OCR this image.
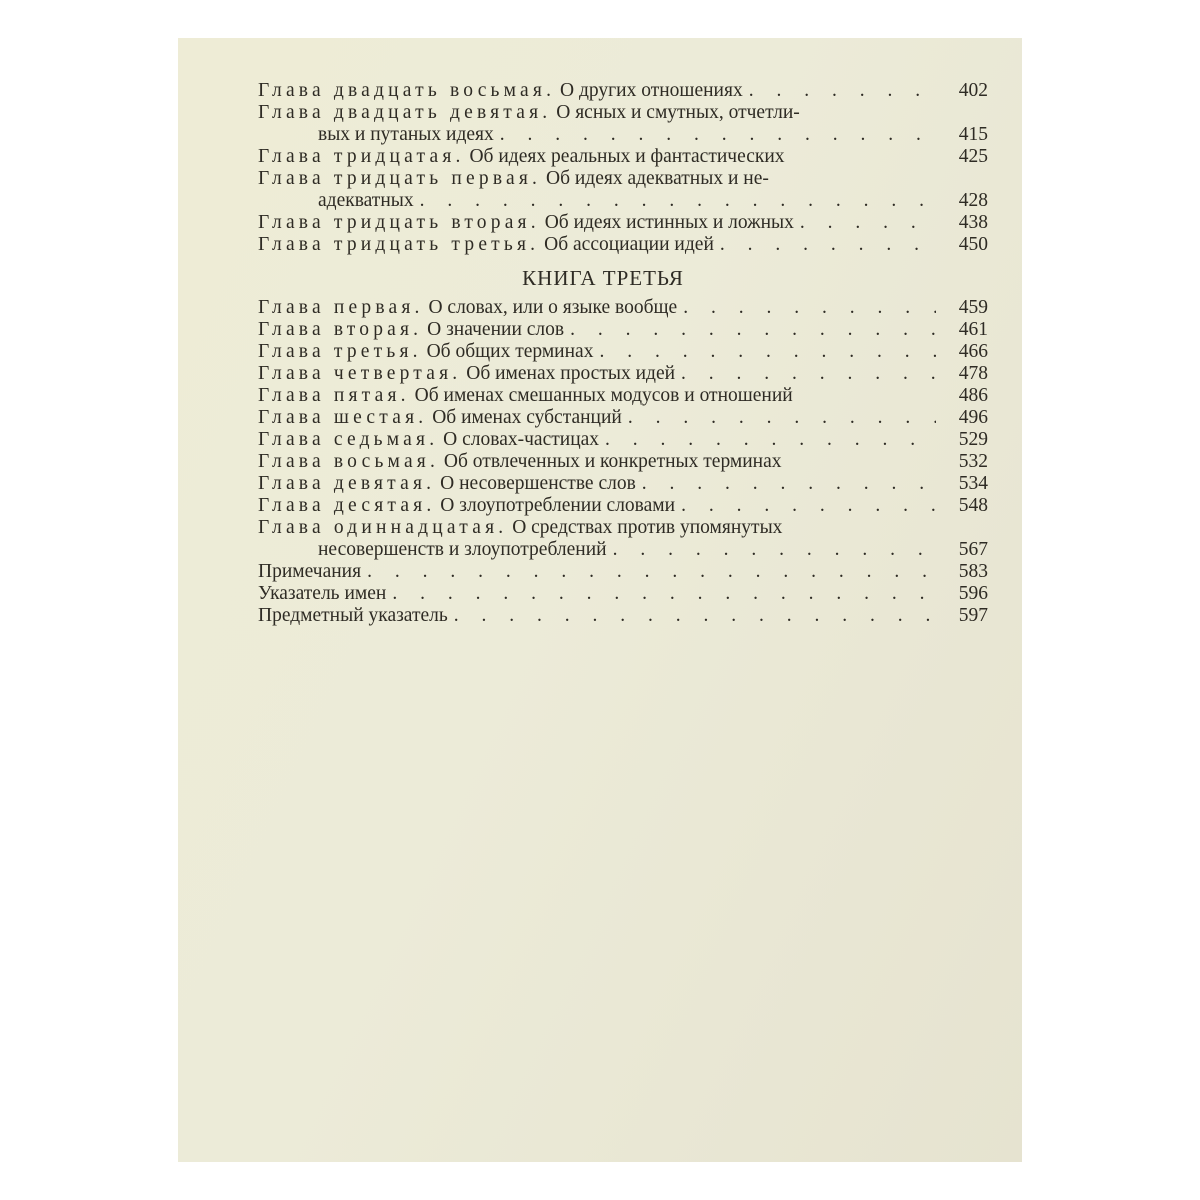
Глава двадцать восьмая. О других отношениях . . .	402
Глава двадцать девятая. О ясных и смутных, отчетли-
вых и путаных идеях . . .	415
Глава тридцатая. Об идеях реальных и фантастических	425
Глава тридцать первая. Об идеях адекватных и не-
адекватных . . .	428
Глава тридцать вторая. Об идеях истинных и ложных . . .	438
Глава тридцать третья. Об ассоциации идей . . .	450
КНИГА ТРЕТЬЯ
Глава первая. О словах, или о языке вообще . . .	459
Глава вторая. О значении слов . . .	461
Глава третья. Об общих терминах . . .	466
Глава четвертая. Об именах простых идей . . .	478
Глава пятая. Об именах смешанных модусов и отношений	486
Глава шестая. Об именах субстанций . . .	496
Глава седьмая. О словах-частицах . . .	529
Глава восьмая. Об отвлеченных и конкретных терминах	532
Глава девятая. О несовершенстве слов . . .	534
Глава десятая. О злоупотреблении словами . . .	548
Глава одиннадцатая. О средствах против упомянутых
несовершенств и злоупотреблений . . .	567
Примечания . . .	583
Указатель имен . . .	596
Предметный указатель . . .	597
